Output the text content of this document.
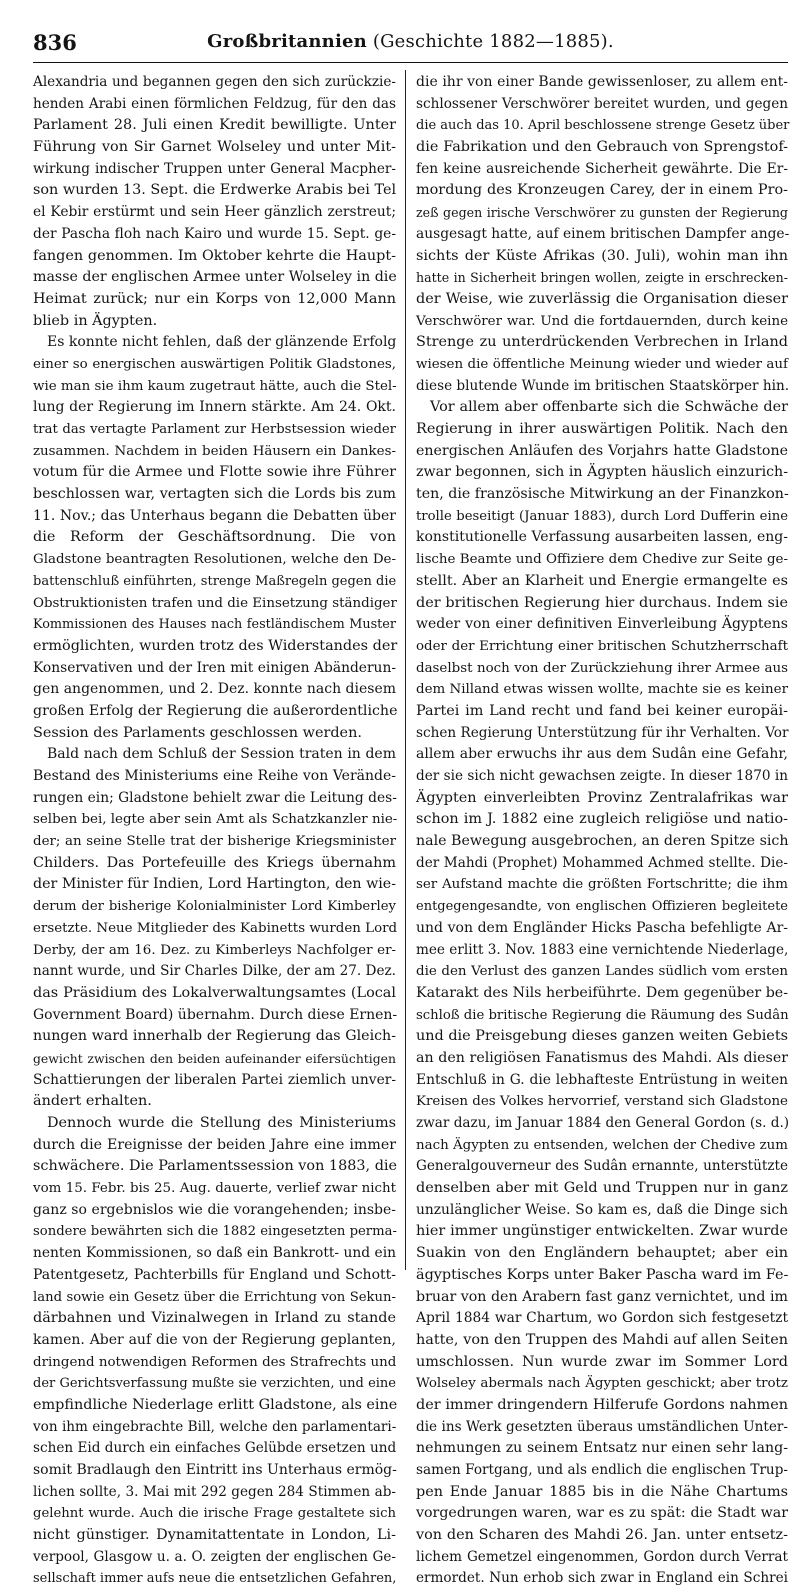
836	Großbritannien (Geschichte 1882—1885).
Alexandria und begannen gegen den sich zurückzie-
henden Arabi einen förmlichen Feldzug, für den das
Parlament 28. Juli einen Kredit bewilligte. Unter
Führung von Sir Garnet Wolseley und unter Mit-
wirkung indischer Truppen unter General Macpher-
son wurden 13. Sept. die Erdwerke Arabis bei Tel
el Kebir erstürmt und sein Heer gänzlich zerstreut;
der Pascha floh nach Kairo und wurde 15. Sept. ge-
fangen genommen. Im Oktober kehrte die Haupt-
masse der englischen Armee unter Wolseley in die
Heimat zurück; nur ein Korps von 12,000 Mann
blieb in Ägypten.
Es konnte nicht fehlen, daß der glänzende Erfolg
einer so energischen auswärtigen Politik Gladstones,
wie man sie ihm kaum zugetraut hätte, auch die Stel-
lung der Regierung im Innern stärkte. Am 24. Okt.
trat das vertagte Parlament zur Herbstsession wieder
zusammen. Nachdem in beiden Häusern ein Dankes-
votum für die Armee und Flotte sowie ihre Führer
beschlossen war, vertagten sich die Lords bis zum
11. Nov.; das Unterhaus begann die Debatten über
die Reform der Geschäftsordnung. Die von
Gladstone beantragten Resolutionen, welche den De-
battenschluß einführten, strenge Maßregeln gegen die
Obstruktionisten trafen und die Einsetzung ständiger
Kommissionen des Hauses nach festländischem Muster
ermöglichten, wurden trotz des Widerstandes der
Konservativen und der Iren mit einigen Abänderun-
gen angenommen, und 2. Dez. konnte nach diesem
großen Erfolg der Regierung die außerordentliche
Session des Parlaments geschlossen werden.
Bald nach dem Schluß der Session traten in dem
Bestand des Ministeriums eine Reihe von Verände-
rungen ein; Gladstone behielt zwar die Leitung des-
selben bei, legte aber sein Amt als Schatzkanzler nie-
der; an seine Stelle trat der bisherige Kriegsminister
Childers. Das Portefeuille des Kriegs übernahm
der Minister für Indien, Lord Hartington, den wie-
derum der bisherige Kolonialminister Lord Kimberley
ersetzte. Neue Mitglieder des Kabinetts wurden Lord
Derby, der am 16. Dez. zu Kimberleys Nachfolger er-
nannt wurde, und Sir Charles Dilke, der am 27. Dez.
das Präsidium des Lokalverwaltungsamtes (Local
Government Board) übernahm. Durch diese Ernen-
nungen ward innerhalb der Regierung das Gleich-
gewicht zwischen den beiden aufeinander eifersüchtigen
Schattierungen der liberalen Partei ziemlich unver-
ändert erhalten.
Dennoch wurde die Stellung des Ministeriums
durch die Ereignisse der beiden Jahre eine immer
schwächere. Die Parlamentssession von 1883, die
vom 15. Febr. bis 25. Aug. dauerte, verlief zwar nicht
ganz so ergebnislos wie die vorangehenden; insbe-
sondere bewährten sich die 1882 eingesetzten perma-
nenten Kommissionen, so daß ein Bankrott- und ein
Patentgesetz, Pachterbills für England und Schott-
land sowie ein Gesetz über die Errichtung von Sekun-
därbahnen und Vizinalwegen in Irland zu stande
kamen. Aber auf die von der Regierung geplanten,
dringend notwendigen Reformen des Strafrechts und
der Gerichtsverfassung mußte sie verzichten, und eine
empfindliche Niederlage erlitt Gladstone, als eine
von ihm eingebrachte Bill, welche den parlamentari-
schen Eid durch ein einfaches Gelübde ersetzen und
somit Bradlaugh den Eintritt ins Unterhaus ermög-
lichen sollte, 3. Mai mit 292 gegen 284 Stimmen ab-
gelehnt wurde. Auch die irische Frage gestaltete sich
nicht günstiger. Dynamitattentate in London, Li-
verpool, Glasgow u. a. O. zeigten der englischen Ge-
sellschaft immer aufs neue die entsetzlichen Gefahren,
die ihr von einer Bande gewissenloser, zu allem ent-
schlossener Verschwörer bereitet wurden, und gegen
die auch das 10. April beschlossene strenge Gesetz über
die Fabrikation und den Gebrauch von Sprengstof-
fen keine ausreichende Sicherheit gewährte. Die Er-
mordung des Kronzeugen Carey, der in einem Pro-
zeß gegen irische Verschwörer zu gunsten der Regierung
ausgesagt hatte, auf einem britischen Dampfer ange-
sichts der Küste Afrikas (30. Juli), wohin man ihn
hatte in Sicherheit bringen wollen, zeigte in erschrecken-
der Weise, wie zuverlässig die Organisation dieser
Verschwörer war. Und die fortdauernden, durch keine
Strenge zu unterdrückenden Verbrechen in Irland
wiesen die öffentliche Meinung wieder und wieder auf
diese blutende Wunde im britischen Staatskörper hin.
Vor allem aber offenbarte sich die Schwäche der
Regierung in ihrer auswärtigen Politik. Nach den
energischen Anläufen des Vorjahrs hatte Gladstone
zwar begonnen, sich in Ägypten häuslich einzurich-
ten, die französische Mitwirkung an der Finanzkon-
trolle beseitigt (Januar 1883), durch Lord Dufferin eine
konstitutionelle Verfassung ausarbeiten lassen, eng-
lische Beamte und Offiziere dem Chedive zur Seite ge-
stellt. Aber an Klarheit und Energie ermangelte es
der britischen Regierung hier durchaus. Indem sie
weder von einer definitiven Einverleibung Ägyptens
oder der Errichtung einer britischen Schutzherrschaft
daselbst noch von der Zurückziehung ihrer Armee aus
dem Nilland etwas wissen wollte, machte sie es keiner
Partei im Land recht und fand bei keiner europäi-
schen Regierung Unterstützung für ihr Verhalten. Vor
allem aber erwuchs ihr aus dem Sudân eine Gefahr,
der sie sich nicht gewachsen zeigte. In dieser 1870 in
Ägypten einverleibten Provinz Zentralafrikas war
schon im J. 1882 eine zugleich religiöse und natio-
nale Bewegung ausgebrochen, an deren Spitze sich
der Mahdi (Prophet) Mohammed Achmed stellte. Die-
ser Aufstand machte die größten Fortschritte; die ihm
entgegengesandte, von englischen Offizieren begleitete
und von dem Engländer Hicks Pascha befehligte Ar-
mee erlitt 3. Nov. 1883 eine vernichtende Niederlage,
die den Verlust des ganzen Landes südlich vom ersten
Katarakt des Nils herbeiführte. Dem gegenüber be-
schloß die britische Regierung die Räumung des Sudân
und die Preisgebung dieses ganzen weiten Gebiets
an den religiösen Fanatismus des Mahdi. Als dieser
Entschluß in G. die lebhafteste Entrüstung in weiten
Kreisen des Volkes hervorrief, verstand sich Gladstone
zwar dazu, im Januar 1884 den General Gordon (s. d.)
nach Ägypten zu entsenden, welchen der Chedive zum
Generalgouverneur des Sudân ernannte, unterstützte
denselben aber mit Geld und Truppen nur in ganz
unzulänglicher Weise. So kam es, daß die Dinge sich
hier immer ungünstiger entwickelten. Zwar wurde
Suakin von den Engländern behauptet; aber ein
ägyptisches Korps unter Baker Pascha ward im Fe-
bruar von den Arabern fast ganz vernichtet, und im
April 1884 war Chartum, wo Gordon sich festgesetzt
hatte, von den Truppen des Mahdi auf allen Seiten
umschlossen. Nun wurde zwar im Sommer Lord
Wolseley abermals nach Ägypten geschickt; aber trotz
der immer dringendern Hilferufe Gordons nahmen
die ins Werk gesetzten überaus umständlichen Unter-
nehmungen zu seinem Entsatz nur einen sehr lang-
samen Fortgang, und als endlich die englischen Trup-
pen Ende Januar 1885 bis in die Nähe Chartums
vorgedrungen waren, war es zu spät: die Stadt war
von den Scharen des Mahdi 26. Jan. unter entsetz-
lichem Gemetzel eingenommen, Gordon durch Verrat
ermordet. Nun erhob sich zwar in England ein Schrei
